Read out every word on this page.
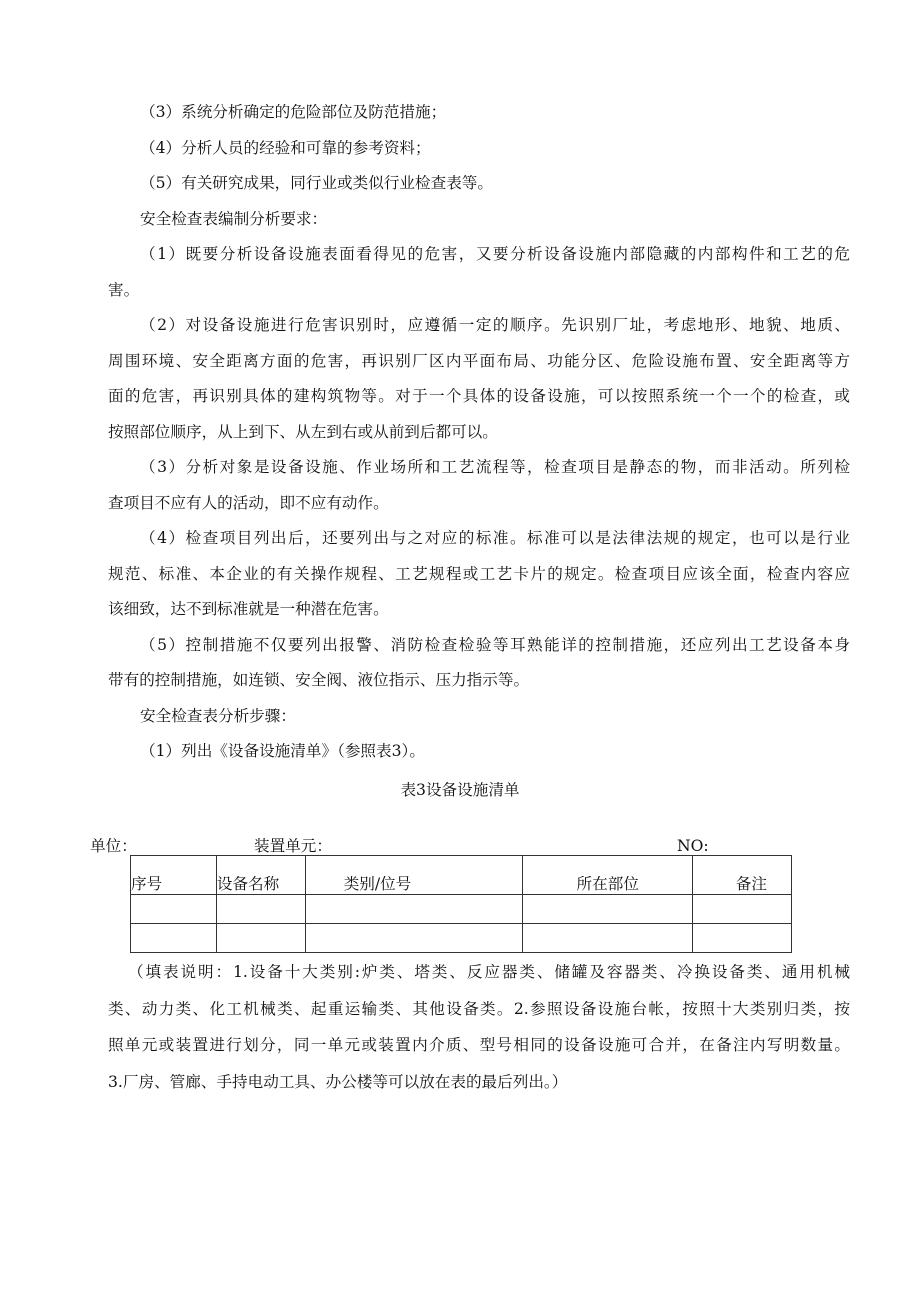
（3）系统分析确定的危险部位及防范措施；
（4）分析人员的经验和可靠的参考资料；
（5）有关研究成果，同行业或类似行业检查表等。
安全检查表编制分析要求：
（1）既要分析设备设施表面看得见的危害，又要分析设备设施内部隐藏的内部构件和工艺的危
害。
（2）对设备设施进行危害识别时，应遵循一定的顺序。先识别厂址，考虑地形、地貌、地质、
周围环境、安全距离方面的危害，再识别厂区内平面布局、功能分区、危险设施布置、安全距离等方
面的危害，再识别具体的建构筑物等。对于一个具体的设备设施，可以按照系统一个一个的检查，或
按照部位顺序，从上到下、从左到右或从前到后都可以。
（3）分析对象是设备设施、作业场所和工艺流程等，检查项目是静态的物，而非活动。所列检
查项目不应有人的活动，即不应有动作。
（4）检查项目列出后，还要列出与之对应的标准。标准可以是法律法规的规定，也可以是行业
规范、标准、本企业的有关操作规程、工艺规程或工艺卡片的规定。检查项目应该全面，检查内容应
该细致，达不到标准就是一种潜在危害。
（5）控制措施不仅要列出报警、消防检查检验等耳熟能详的控制措施，还应列出工艺设备本身
带有的控制措施，如连锁、安全阀、液位指示、压力指示等。
安全检查表分析步骤：
（1）列出《设备设施清单》（参照表3）。
表3设备设施清单
单位：	装置单元：	NO:
序号	设备名称	类别/位号	所在部位	备注

（填表说明：1.设备十大类别:炉类、塔类、反应器类、储罐及容器类、冷换设备类、通用机械
类、动力类、化工机械类、起重运输类、其他设备类。2.参照设备设施台帐，按照十大类别归类，按
照单元或装置进行划分，同一单元或装置内介质、型号相同的设备设施可合并，在备注内写明数量。
3.厂房、管廊、手持电动工具、办公楼等可以放在表的最后列出。）
